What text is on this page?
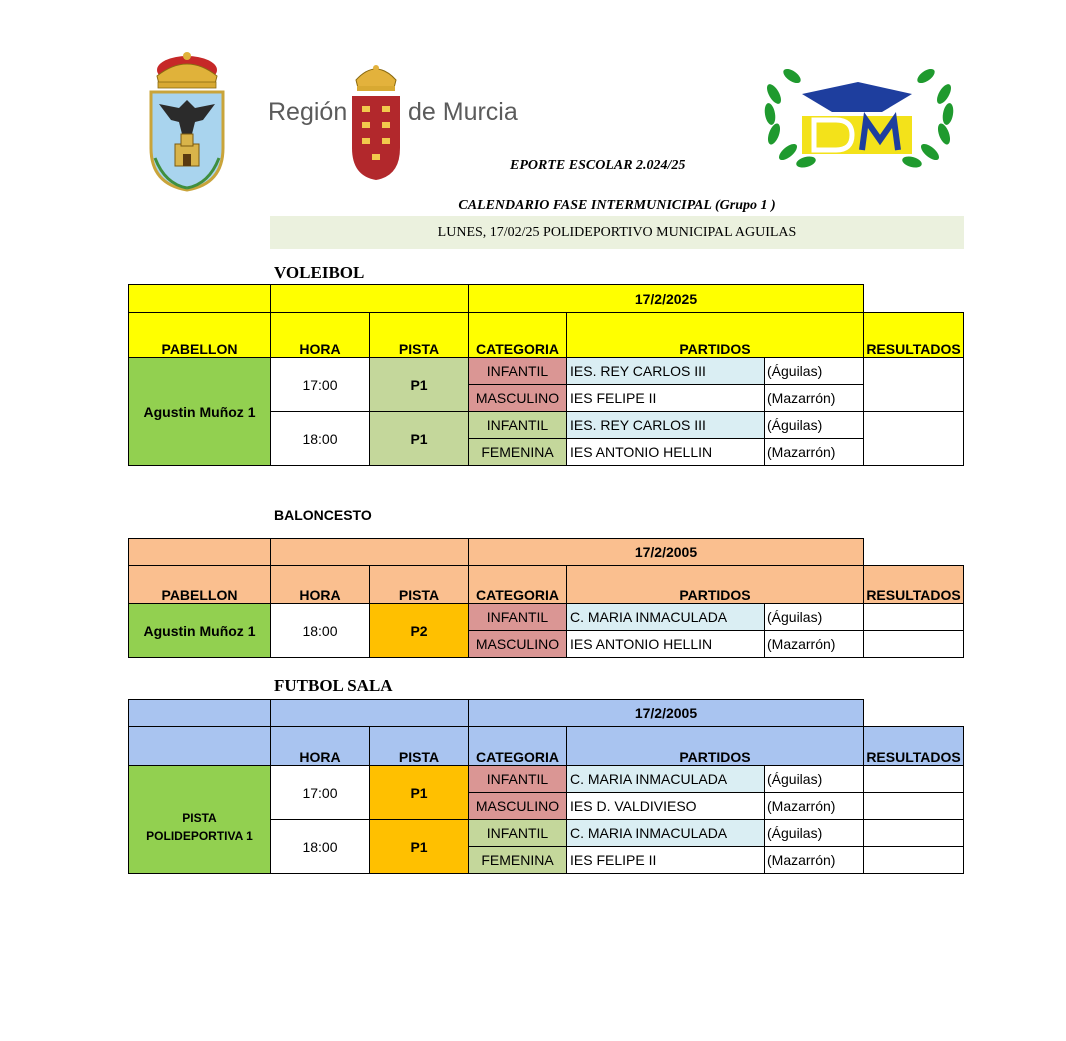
Región de Murcia
EPORTE ESCOLAR 2.024/25
CALENDARIO FASE INTERMUNICIPAL (Grupo 1 )
LUNES, 17/02/25 POLIDEPORTIVO MUNICIPAL AGUILAS
VOLEIBOL
			17/2/2025			
PABELLON	HORA	PISTA	CATEGORIA	PARTIDOS		RESULTADOS
Agustin Muñoz 1	17:00	P1	INFANTIL	IES. REY CARLOS III	(Águilas)	
			MASCULINO	IES FELIPE II	(Mazarrón)	
	18:00	P1	INFANTIL	IES. REY CARLOS III	(Águilas)	
			FEMENINA	IES ANTONIO HELLIN	(Mazarrón)	
BALONCESTO
			17/2/2005			
PABELLON	HORA	PISTA	CATEGORIA	PARTIDOS		RESULTADOS
Agustin Muñoz 1	18:00	P2	INFANTIL	C. MARIA INMACULADA	(Águilas)	
			MASCULINO	IES ANTONIO HELLIN	(Mazarrón)	
FUTBOL SALA
			17/2/2005			
	HORA	PISTA	CATEGORIA	PARTIDOS		RESULTADOS

PISTA
POLIDEPORTIVA 1	17:00	P1	INFANTIL	C. MARIA INMACULADA	(Águilas)	
			MASCULINO	IES D. VALDIVIESO	(Mazarrón)	
	18:00	P1	INFANTIL	C. MARIA INMACULADA	(Águilas)	
			FEMENINA	IES FELIPE II	(Mazarrón)	
